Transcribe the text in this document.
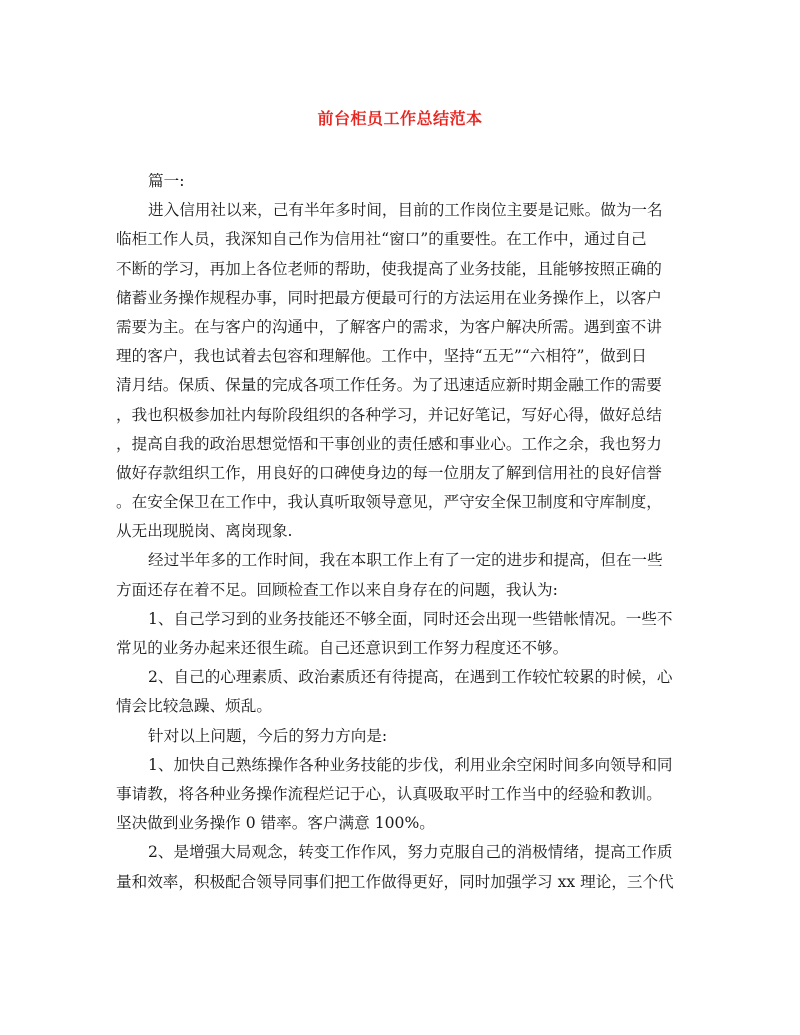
前台柜员工作总结范本
篇一:
进入信用社以来，己有半年多时间，目前的工作岗位主要是记账。做为一名
临柜工作人员，我深知自己作为信用社“窗口”的重要性。在工作中，通过自己
不断的学习，再加上各位老师的帮助，使我提高了业务技能，且能够按照正确的
储蓄业务操作规程办事，同时把最方便最可行的方法运用在业务操作上，以客户
需要为主。在与客户的沟通中，了解客户的需求，为客户解决所需。遇到蛮不讲
理的客户，我也试着去包容和理解他。工作中，坚持“五无”“六相符”，做到日
清月结。保质、保量的完成各项工作任务。为了迅速适应新时期金融工作的需要
，我也积极参加社内每阶段组织的各种学习，并记好笔记，写好心得，做好总结
，提高自我的政治思想觉悟和干事创业的责任感和事业心。工作之余，我也努力
做好存款组织工作，用良好的口碑使身边的每一位朋友了解到信用社的良好信誉
。在安全保卫在工作中，我认真听取领导意见，严守安全保卫制度和守库制度，
从无出现脱岗、离岗现象.
经过半年多的工作时间，我在本职工作上有了一定的进步和提高，但在一些
方面还存在着不足。回顾检查工作以来自身存在的问题，我认为:
1、自己学习到的业务技能还不够全面，同时还会出现一些错帐情况。一些不
常见的业务办起来还很生疏。自己还意识到工作努力程度还不够。
2、自己的心理素质、政治素质还有待提高，在遇到工作较忙较累的时候，心
情会比较急躁、烦乱。
针对以上问题，今后的努力方向是:
1、加快自己熟练操作各种业务技能的步伐，利用业余空闲时间多向领导和同
事请教，将各种业务操作流程烂记于心，认真吸取平时工作当中的经验和教训。
坚决做到业务操作 0 错率。客户满意 100%。
2、是增强大局观念，转变工作作风，努力克服自己的消极情绪，提高工作质
量和效率，积极配合领导同事们把工作做得更好，同时加强学习 xx 理论，三个代
